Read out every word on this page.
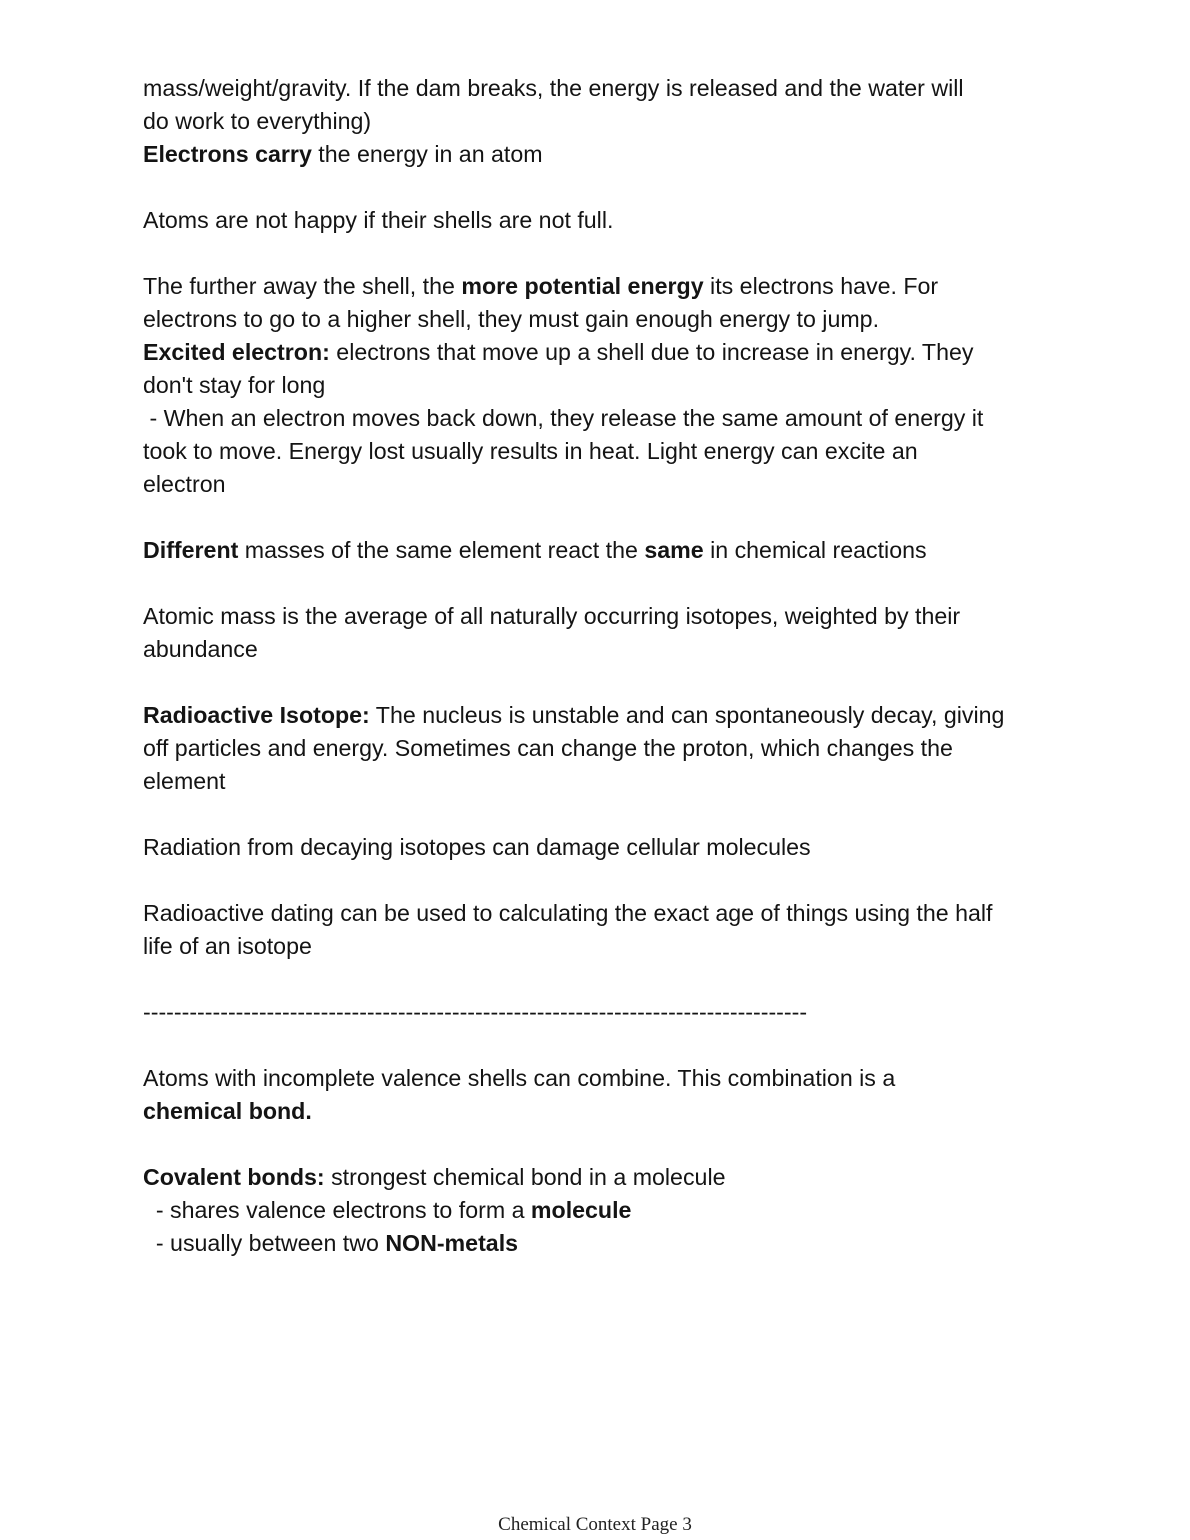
mass/weight/gravity. If the dam breaks, the energy is released and the water will
do work to everything)
Electrons carry the energy in an atom
Atoms are not happy if their shells are not full.
The further away the shell, the more potential energy its electrons have. For
electrons to go to a higher shell, they must gain enough energy to jump.
Excited electron: electrons that move up a shell due to increase in energy. They
don't stay for long
- When an electron moves back down, they release the same amount of energy it
took to move. Energy lost usually results in heat. Light energy can excite an
electron
Different masses of the same element react the same in chemical reactions
Atomic mass is the average of all naturally occurring isotopes, weighted by their
abundance
Radioactive Isotope: The nucleus is unstable and can spontaneously decay, giving
off particles and energy. Sometimes can change the proton, which changes the
element
Radiation from decaying isotopes can damage cellular molecules
Radioactive dating can be used to calculating the exact age of things using the half
life of an isotope
--------------------------------------------------------------------------------------
Atoms with incomplete valence shells can combine. This combination is a
chemical bond.
Covalent bonds: strongest chemical bond in a molecule
- shares valence electrons to form a molecule
- usually between two NON-metals
Chemical Context Page 3
